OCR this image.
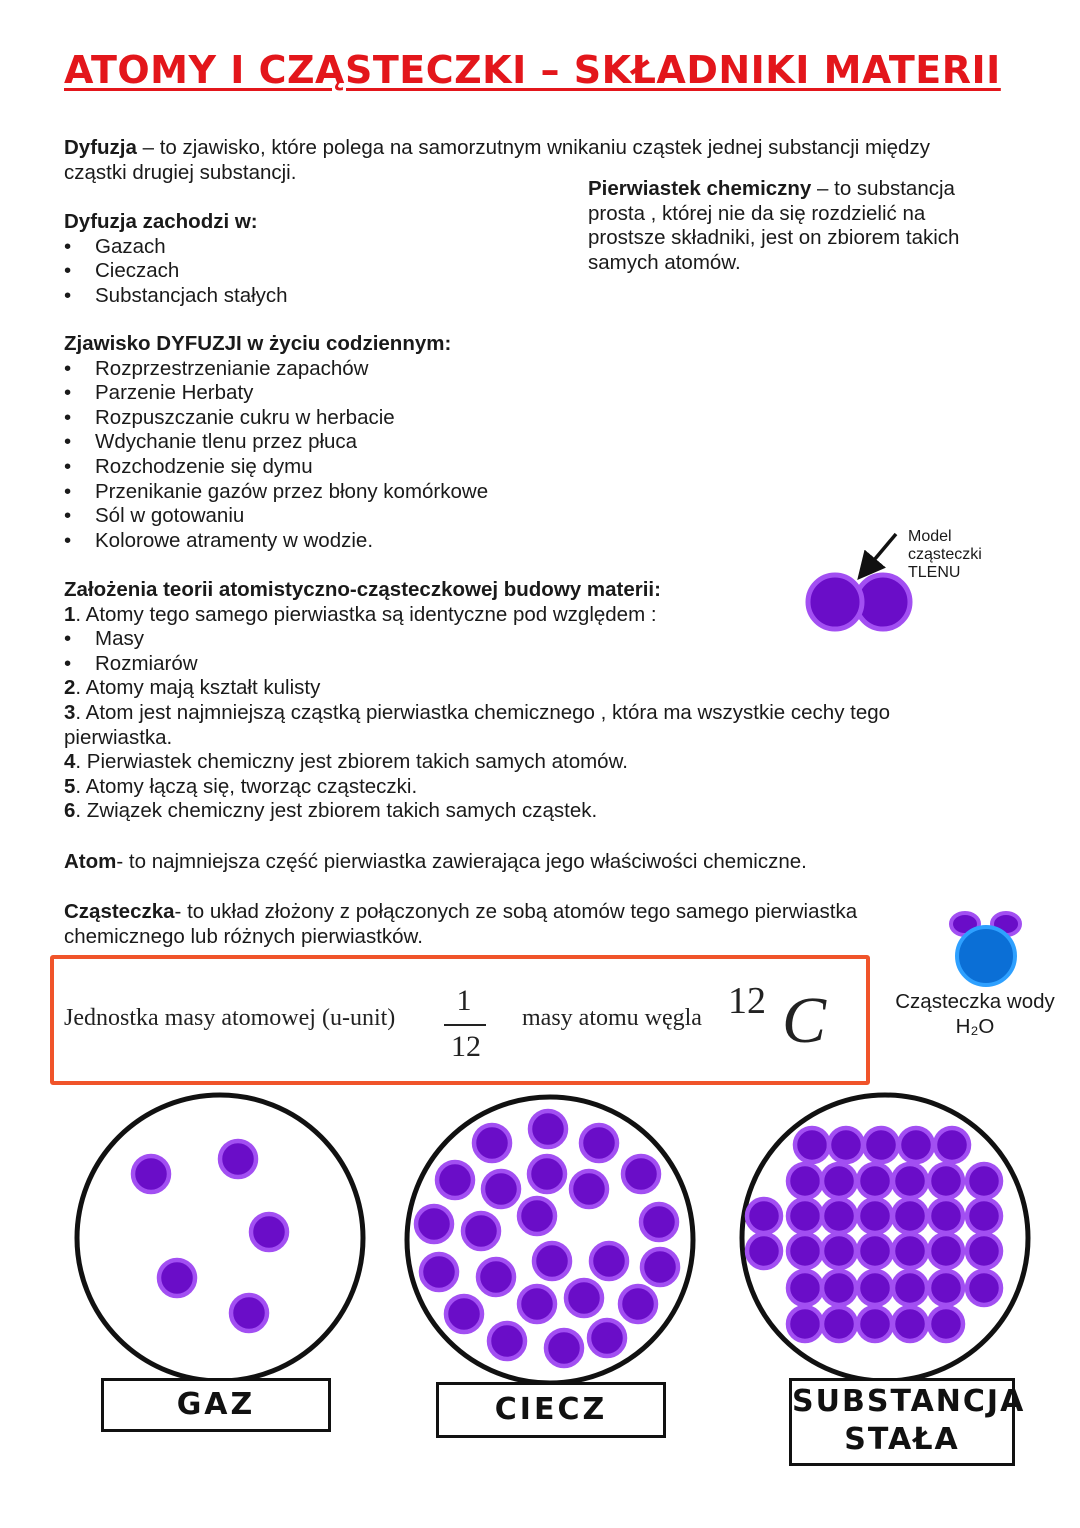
ATOMY I CZĄSTECZKI – SKŁADNIKI MATERII
Dyfuzja – to zjawisko, które polega na samorzutnym wnikaniu cząstek jednej substancji między
cząstki drugiej substancji.
Pierwiastek chemiczny – to substancja
prosta , której nie da się rozdzielić na
prostsze składniki, jest on zbiorem takich
samych atomów.
Dyfuzja zachodzi w:
• Gazach
• Cieczach
• Substancjach stałych
Zjawisko DYFUZJI w życiu codziennym:
• Rozprzestrzenianie zapachów
• Parzenie Herbaty
• Rozpuszczanie cukru w herbacie
• Wdychanie tlenu przez płuca
• Rozchodzenie się dymu
• Przenikanie gazów przez błony komórkowe
• Sól w gotowaniu
• Kolorowe atramenty w wodzie.	Model
cząsteczki
TLENU
Założenia teorii atomistyczno-cząsteczkowej budowy materii:
1. Atomy tego samego pierwiastka są identyczne pod względem :
• Masy
• Rozmiarów
2. Atomy mają kształt kulisty
3. Atom jest najmniejszą cząstką pierwiastka chemicznego , która ma wszystkie cechy tego
pierwiastka.
4. Pierwiastek chemiczny jest zbiorem takich samych atomów.
5. Atomy łączą się, tworząc cząsteczki.
6. Związek chemiczny jest zbiorem takich samych cząstek.
Atom- to najmniejsza część pierwiastka zawierająca jego właściwości chemiczne.
Cząsteczka- to układ złożony z połączonych ze sobą atomów tego samego pierwiastka
chemicznego lub różnych pierwiastków.
Cząsteczka wody
H₂O
Jednostka masy atomowej (u-unit)
1
12
masy atomu węgla 12 C
GAZ	CIECZ	SUBSTANCJA
STAŁA
